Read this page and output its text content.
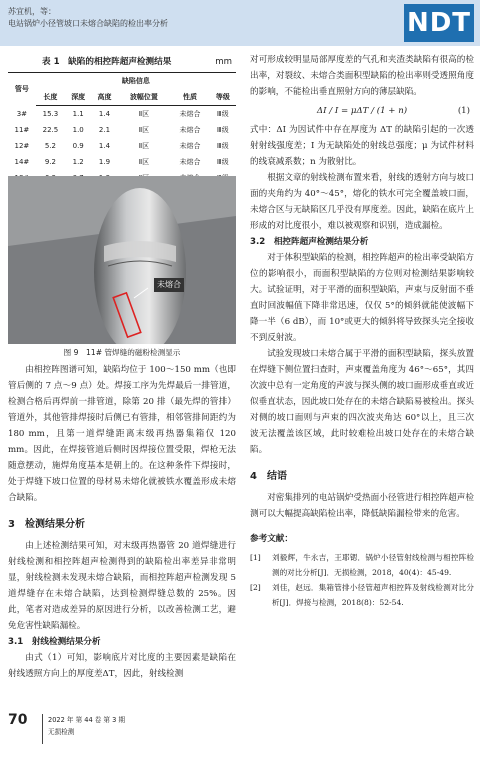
苏宜机，等：
电站锅炉小径管坡口未熔合缺陷的检出率分析	NDT
表 1　缺陷的相控阵超声检测结果	mm
管号	缺陷信息					
	长度	深度	高度	波幅位置	性质	等级
3#	15.3	1.1	1.4	Ⅱ区	未熔合	Ⅲ级
11#	22.5	1.0	2.1	Ⅱ区	未熔合	Ⅲ级
12#	5.2	0.9	1.4	Ⅱ区	未熔合	Ⅲ级
14#	9.2	1.2	1.9	Ⅱ区	未熔合	Ⅲ级

未熔合
图 9　11# 管焊缝的磁粉检测显示

由相控阵图谱可知，缺陷均位于 100～150 mm（也即管后侧的 7 点～9 点）处。焊接工序为先焊最后一排管道，检测合格后再焊前一排管道，除第 20 排（最先焊的管排）管道外，其他管排焊接时后侧已有管排，相邻管排间距约为 180 mm，且第一道焊缝距离末级再热器集箱仅 120 mm。因此，在焊接管道后侧时因焊接位置受限，焊枪无法随意摆动，施焊角度基本是朝上的。在这种条件下焊接时，处于焊缝下坡口位置的母材易未熔化就被铁水覆盖形成未熔合缺陷。

3　检测结果分析

由上述检测结果可知，对末级再热器管 20 道焊缝进行射线检测和相控阵超声检测得到的缺陷检出率差异非常明显，射线检测未发现未熔合缺陷，而相控阵超声检测发现 5 道焊缝存在未熔合缺陷，达到检测焊缝总数的 25%。因此，笔者对造成差异的原因进行分析，以改善检测工艺，避免危害性缺陷漏检。

3.1　射线检测结果分析

由式（1）可知，影响底片对比度的主要因素是缺陷在射线透照方向上的厚度差ΔT，因此，射线检测

对可形成较明显局部厚度差的气孔和夹渣类缺陷有很高的检出率，对裂纹、未熔合类面积型缺陷的检出率则受透照角度的影响，不能检出垂直照射方向的薄层缺陷。

ΔI / I = μΔT / (1 + n)	(1)

式中：ΔI 为因试件中存在厚度为 ΔT 的缺陷引起的一次透射射线强度差；I 为无缺陷处的射线总强度；μ 为试件材料的线衰减系数；n 为散射比。

根据文章的射线检测布置来看，射线的透射方向与坡口面的夹角约为 40°～45°，熔化的铁水可完全覆盖坡口面，未熔合区与无缺陷区几乎没有厚度差。因此，缺陷在底片上形成的对比度很小，难以被观察和识别，造成漏检。

3.2　相控阵超声检测结果分析

对于体积型缺陷的检测，相控阵超声的检出率受缺陷方位的影响很小，而面积型缺陷的方位则对检测结果影响较大。试验证明，对于平滑的面积型缺陷，声束与反射面不垂直时回波幅值下降非常迅速，仅仅 5°的倾斜就能使波幅下降一半（6 dB），而 10°或更大的倾斜将导致探头完全接收不到反射波。

试验发现坡口未熔合属于平滑的面积型缺陷，探头放置在焊缝下侧位置扫查时，声束覆盖角度为 46°～65°，其四次波中总有一定角度的声波与探头侧的坡口面形成垂直或近似垂直状态，因此坡口处存在的未熔合缺陷易被检出。探头对侧的坡口面则与声束的四次波夹角达 60°以上，且三次波无法覆盖该区域，此时较难检出坡口处存在的未熔合缺陷。

4　结语

对密集排列的电站锅炉受热面小径管进行相控阵超声检测可以大幅提高缺陷检出率，降低缺陷漏检带来的危害。

参考文献：
[1] 刘毅辉，牛永吉，王耶锶．锅炉小径管射线检测与相控阵检测的对比分析[J]．无损检测，2018，40(4)：45-49.
[2] 刘佳，赵远．集箱管排小径管超声相控阵及射线检测对比分析[J]．焊接与检测，2018(8)：52-54.
70	2022 年 第 44 卷 第 3 期
无损检测
